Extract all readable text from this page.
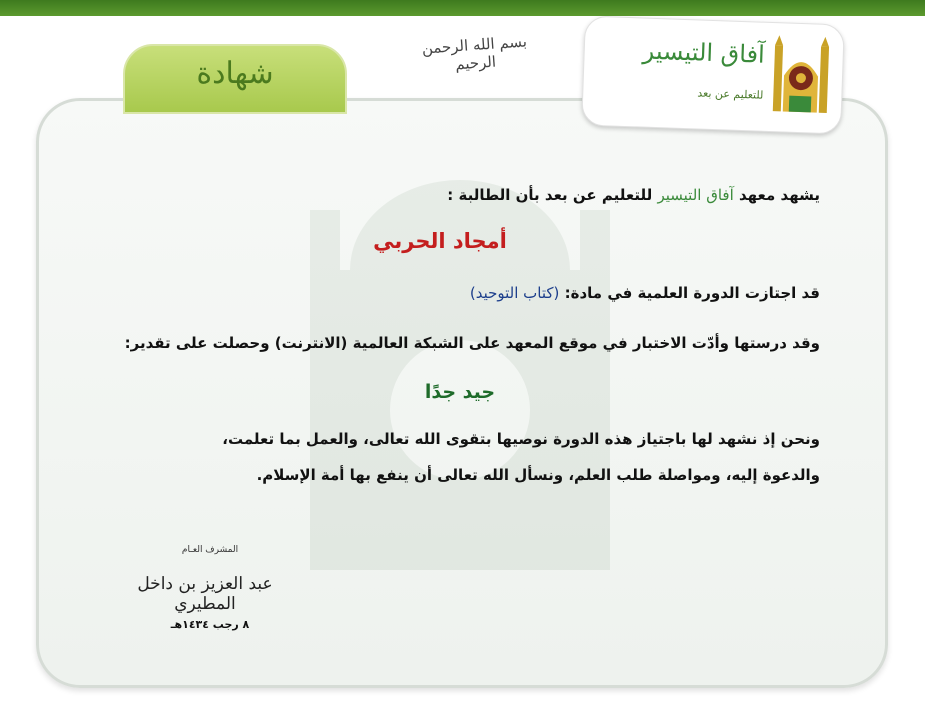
شهادة
بسم الله الرحمن الرحيم	آفاق التيسير
للتعليم عن بعد
يشهد معهد آفاق التيسير للتعليم عن بعد بأن الطالبة :
أمجاد الحربي
قد اجتازت الدورة العلمية في مادة: (كتاب التوحيد)
وقد درستها وأدّت الاختبار في موقع المعهد على الشبكة العالمية (الانترنت) وحصلت على تقدير:
جيد جدًا
ونحن إذ نشهد لها باجتياز هذه الدورة نوصيها بتقوى الله تعالى، والعمل بما تعلمت،
والدعوة إليه، ومواصلة طلب العلم، ونسأل الله تعالى أن ينفع بها أمة الإسلام.
المشرف العـام
عبد العزيز بن داخل المطيري
٨ رجب ١٤٣٤هـ
